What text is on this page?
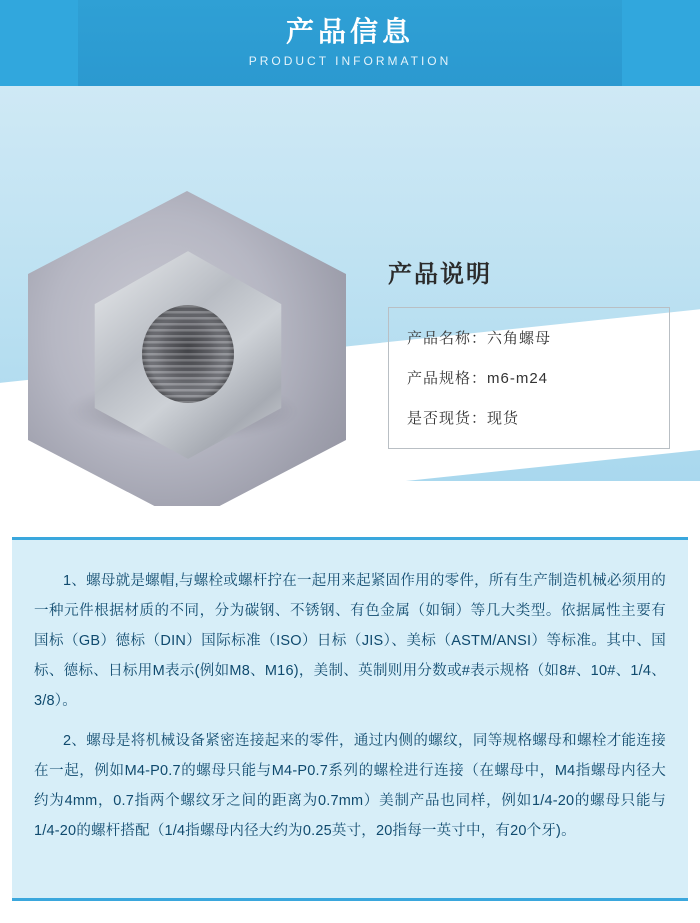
产品信息
PRODUCT INFORMATION
产品说明
产品名称：六角螺母
产品规格：m6-m24
是否现货：现货

1、螺母就是螺帽,与螺栓或螺杆拧在一起用来起紧固作用的零件，所有生产制造机械必须用的一种元件根据材质的不同，分为碳钢、不锈钢、有色金属（如铜）等几大类型。依据属性主要有国标（GB）德标（DIN）国际标准（ISO）日标（JIS）、美标（ASTM/ANSI）等标准。其中、国标、德标、日标用M表示(例如M8、M16)，美制、英制则用分数或#表示规格（如8#、10#、1/4、3/8）。

2、螺母是将机械设备紧密连接起来的零件，通过内侧的螺纹，同等规格螺母和螺栓才能连接在一起，例如M4-P0.7的螺母只能与M4-P0.7系列的螺栓进行连接（在螺母中，M4指螺母内径大约为4mm，0.7指两个螺纹牙之间的距离为0.7mm）美制产品也同样，例如1/4-20的螺母只能与1/4-20的螺杆搭配（1/4指螺母内径大约为0.25英寸，20指每一英寸中，有20个牙)。
